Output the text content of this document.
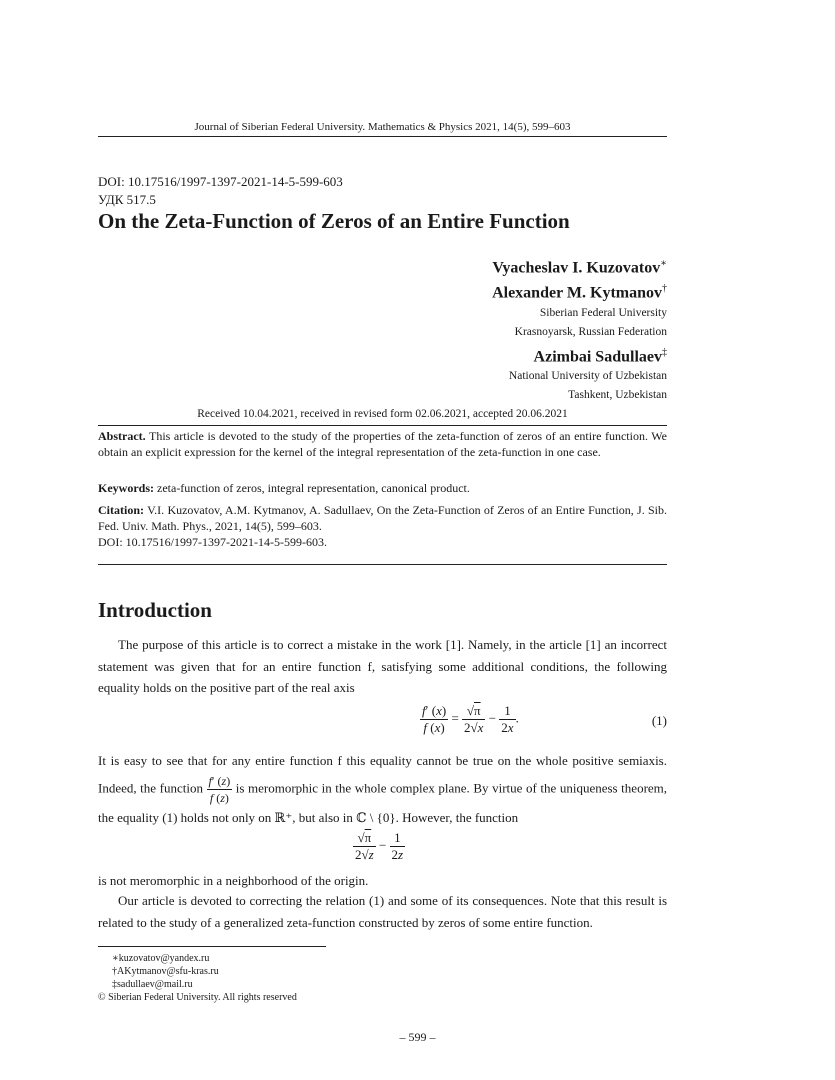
Journal of Siberian Federal University. Mathematics & Physics 2021, 14(5), 599–603
DOI: 10.17516/1997-1397-2021-14-5-599-603
УДК 517.5
On the Zeta-Function of Zeros of an Entire Function
Vyacheslav I. Kuzovatov∗
Alexander M. Kytmanov†
Siberian Federal University
Krasnoyarsk, Russian Federation
Azimbai Sadullaev‡
National University of Uzbekistan
Tashkent, Uzbekistan
Received 10.04.2021, received in revised form 02.06.2021, accepted 20.06.2021
Abstract. This article is devoted to the study of the properties of the zeta-function of zeros of an entire function. We obtain an explicit expression for the kernel of the integral representation of the zeta-function in one case.
Keywords: zeta-function of zeros, integral representation, canonical product.
Citation: V.I. Kuzovatov, A.M. Kytmanov, A. Sadullaev, On the Zeta-Function of Zeros of an Entire Function, J. Sib. Fed. Univ. Math. Phys., 2021, 14(5), 599–603.
DOI: 10.17516/1997-1397-2021-14-5-599-603.
Introduction
The purpose of this article is to correct a mistake in the work [1]. Namely, in the article [1] an incorrect statement was given that for an entire function f, satisfying some additional conditions, the following equality holds on the positive part of the real axis
$\frac{f' (x)}{f (x)} = \frac{√\pi}{2√x} - \frac{1}{2x}$ .	(1)
It is easy to see that for any entire function f this equality cannot be true on the whole positive semiaxis. Indeed, the function $\frac{f' (z)}{f (z)}$ is meromorphic in the whole complex plane. By virtue of the uniqueness theorem, the equality (1) holds not only on ℝ⁺, but also in ℂ \ {0}. However, the function
$\frac{√\pi}{2√z} - \frac{1}{2z}$
is not meromorphic in a neighborhood of the origin.
Our article is devoted to correcting the relation (1) and some of its consequences. Note that this result is related to the study of a generalized zeta-function constructed by zeros of some entire function.
∗kuzovatov@yandex.ru
†AKytmanov@sfu-kras.ru
‡sadullaev@mail.ru
© Siberian Federal University. All rights reserved
– 599 –
